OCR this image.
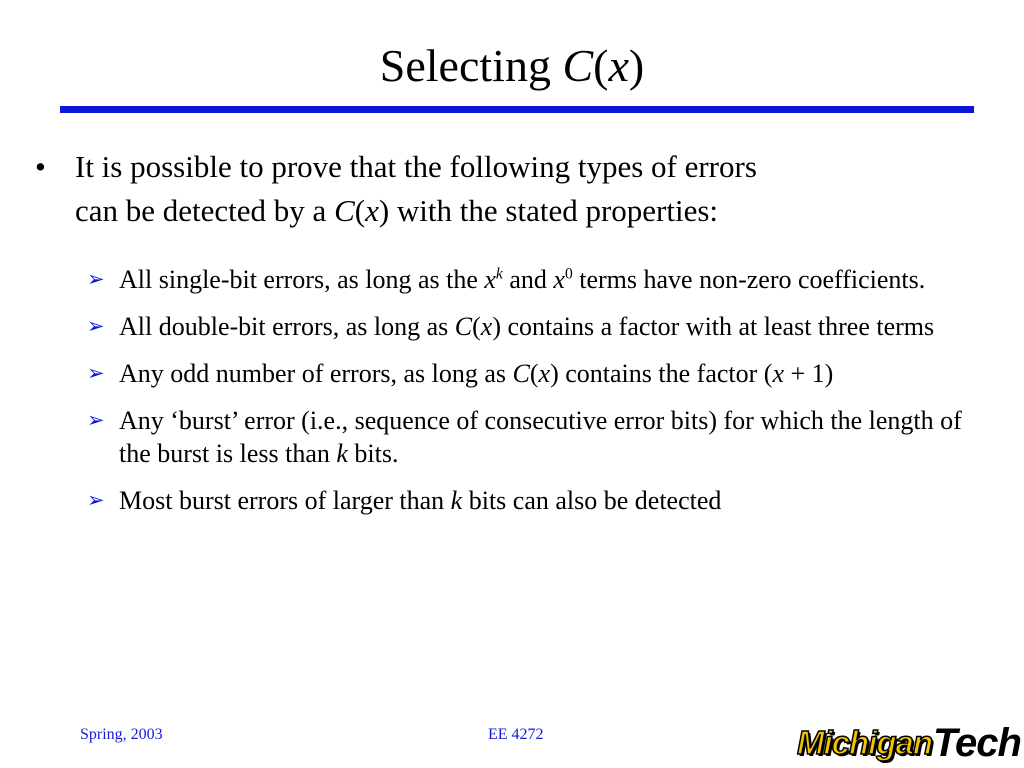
Selecting C(x)
• It is possible to prove that the following types of errors
can be detected by a C(x) with the stated properties:
➢ All single-bit errors, as long as the $x^k$ and $x^0$ terms have non-zero coefficients.
➢ All double-bit errors, as long as C(x) contains a factor with at least three terms
➢ Any odd number of errors, as long as C(x) contains the factor (x + 1)
➢ Any ‘burst’ error (i.e., sequence of consecutive error bits) for which the length of the burst is less than k bits.
➢ Most burst errors of larger than k bits can also be detected
Spring, 2003	EE 4272	Michigan Tech
